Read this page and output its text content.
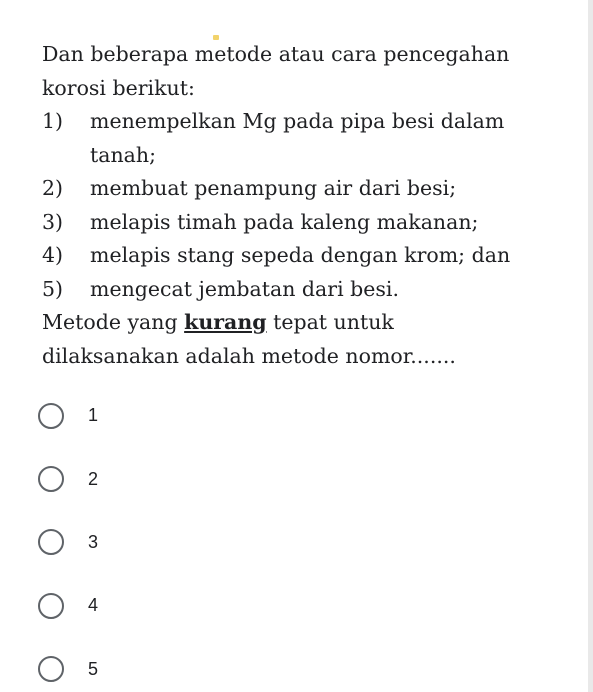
Dan beberapa metode atau cara pencegahan
korosi berikut:
1)	menempelkan Mg pada pipa besi dalam
tanah;
2)	membuat penampung air dari besi;
3)	melapis timah pada kaleng makanan;
4)	melapis stang sepeda dengan krom; dan
5)	mengecat jembatan dari besi.
Metode yang kurang tepat untuk
dilaksanakan adalah metode nomor.......
1
2
3
4
5
